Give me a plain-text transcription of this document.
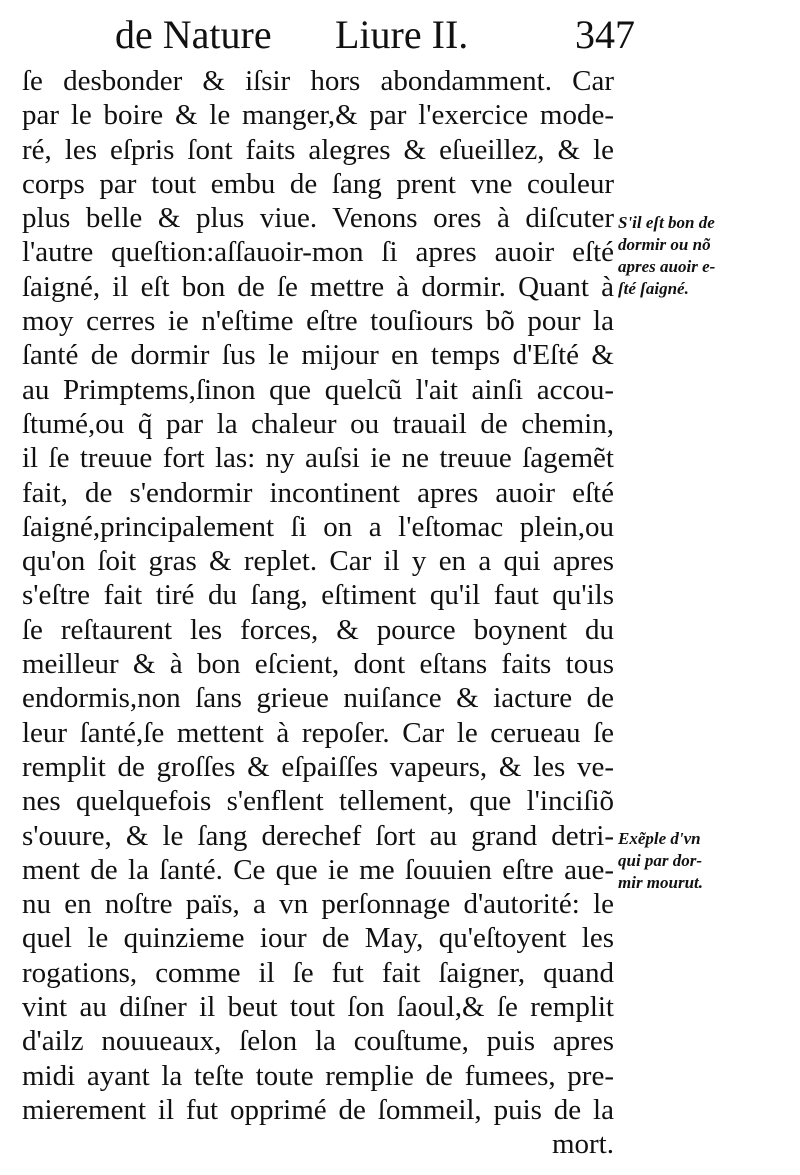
de Nature Liure II.	347
ſe desbonder & iſsir hors abondamment. Car
par le boire & le manger,& par l'exercice mode-
ré, les eſpris ſont faits alegres & eſueillez, & le
corps par tout embu de ſang prent vne couleur
plus belle & plus viue. Venons ores à diſcuter
l'autre queſtion:aſſauoir-mon ſi apres auoir eſté
ſaigné, il eſt bon de ſe mettre à dormir. Quant à
moy cerres ie n'eſtime eſtre touſiours bõ pour la
ſanté de dormir ſus le mijour en temps d'Eſté &
au Primptems,ſinon que quelcũ l'ait ainſi accou-
ſtumé,ou q̃ par la chaleur ou trauail de chemin,
il ſe treuue fort las: ny auſsi ie ne treuue ſagemẽt
fait, de s'endormir incontinent apres auoir eſté
ſaigné,principalement ſi on a l'eſtomac plein,ou
qu'on ſoit gras & replet. Car il y en a qui apres
s'eſtre fait tiré du ſang, eſtiment qu'il faut qu'ils
ſe reſtaurent les forces, & pource boynent du
meilleur & à bon eſcient, dont eſtans faits tous
endormis,non ſans grieue nuiſance & iacture de
leur ſanté,ſe mettent à repoſer. Car le cerueau ſe
remplit de groſſes & eſpaiſſes vapeurs, & les ve-
nes quelquefois s'enflent tellement, que l'inciſiõ
s'ouure, & le ſang derechef ſort au grand detri-
ment de la ſanté. Ce que ie me ſouuien eſtre aue-
nu en noſtre païs, a vn perſonnage d'autorité: le
quel le quinzieme iour de May, qu'eſtoyent les
rogations, comme il ſe fut fait ſaigner, quand
vint au diſner il beut tout ſon ſaoul,& ſe remplit
d'ailz nouueaux, ſelon la couſtume, puis apres
midi ayant la teſte toute remplie de fumees, pre-
mierement il fut opprimé de ſommeil, puis de la
mort.
S'il eſt bon de
dormir ou nõ
apres auoir e-
ſté ſaigné.
Exẽple d'vn
qui par dor-
mir mourut.
